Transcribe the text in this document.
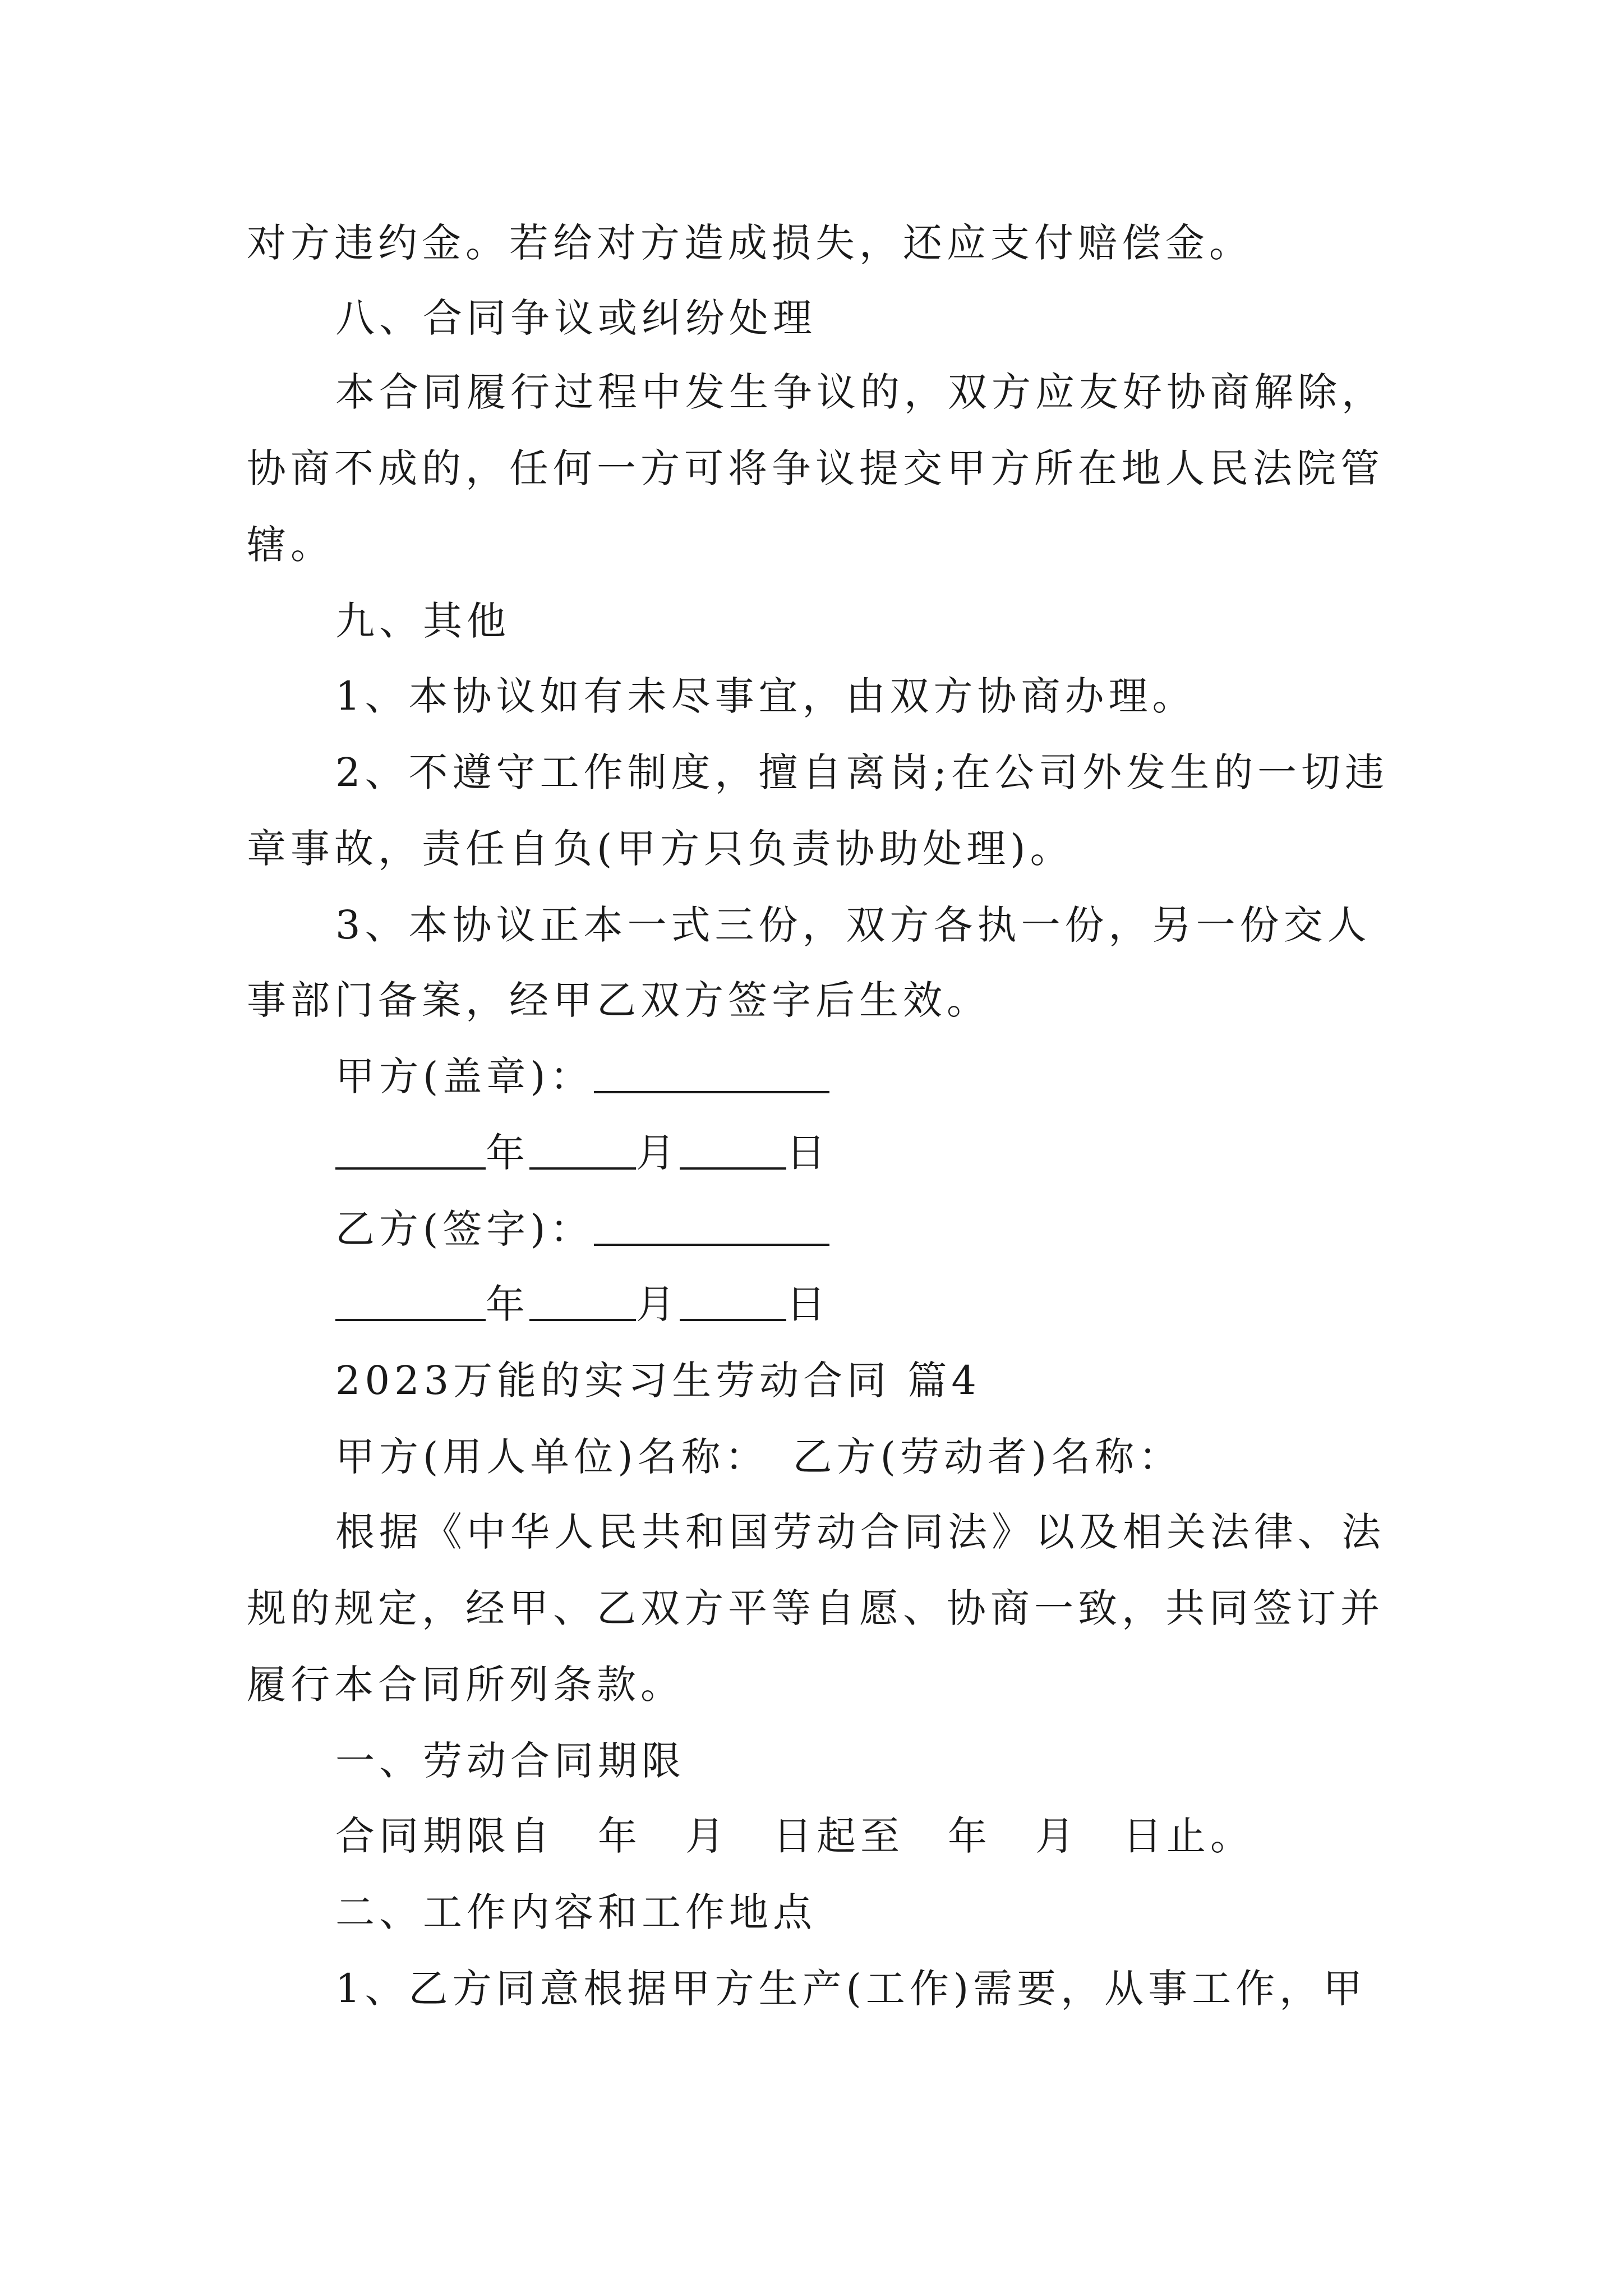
对方违约金。若给对方造成损失，还应支付赔偿金。
八、合同争议或纠纷处理
本合同履行过程中发生争议的，双方应友好协商解除，
协商不成的，任何一方可将争议提交甲方所在地人民法院管
辖。
九、其他
1、本协议如有未尽事宜，由双方协商办理。
2、不遵守工作制度，擅自离岗;在公司外发生的一切违
章事故，责任自负(甲方只负责协助处理)。
3、本协议正本一式三份，双方各执一份，另一份交人
事部门备案，经甲乙双方签字后生效。
甲方(盖章)：
年	月	日
乙方(签字)：
年	月	日
2023万能的实习生劳动合同 篇4
甲方(用人单位)名称：　乙方(劳动者)名称：
根据《中华人民共和国劳动合同法》以及相关法律、法
规的规定，经甲、乙双方平等自愿、协商一致，共同签订并
履行本合同所列条款。
一、劳动合同期限
合同期限自　年　月　日起至　年　月　日止。
二、工作内容和工作地点
1、乙方同意根据甲方生产(工作)需要，从事工作，甲
